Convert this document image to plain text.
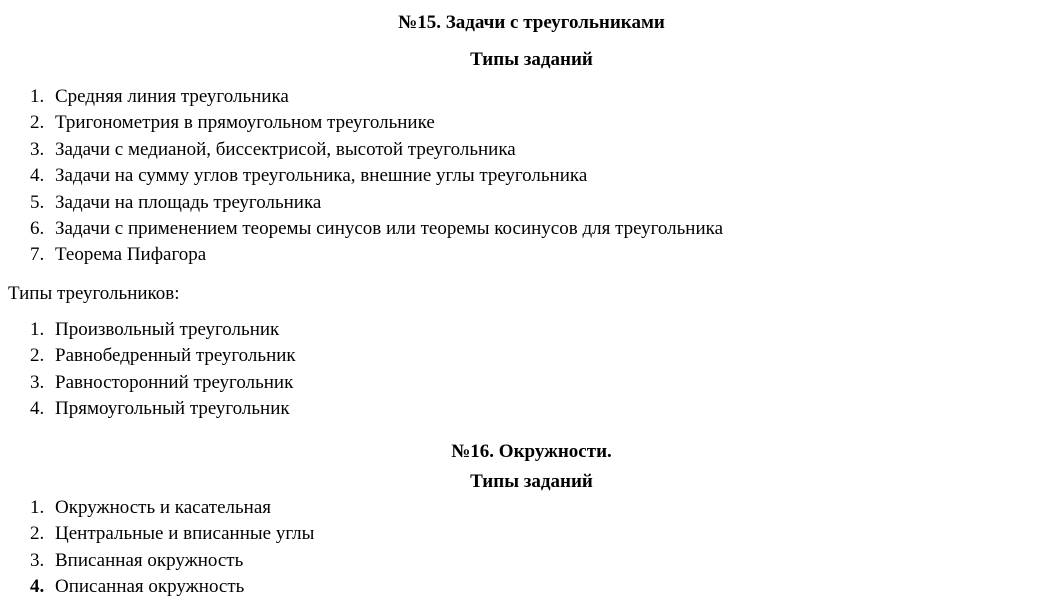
№15. Задачи с треугольниками
Типы заданий
1. Средняя линия треугольника
2. Тригонометрия в прямоугольном треугольнике
3. Задачи с медианой, биссектрисой, высотой треугольника
4. Задачи на сумму углов треугольника, внешние углы треугольника
5. Задачи на площадь треугольника
6. Задачи с применением теоремы синусов или теоремы косинусов для треугольника
7. Теорема Пифагора

Типы треугольников:

1. Произвольный треугольник
2. Равнобедренный треугольник
3. Равносторонний треугольник
4. Прямоугольный треугольник
№16. Окружности.
Типы заданий
1. Окружность и касательная
2. Центральные и вписанные углы
3. Вписанная окружность
4. Описанная окружность
